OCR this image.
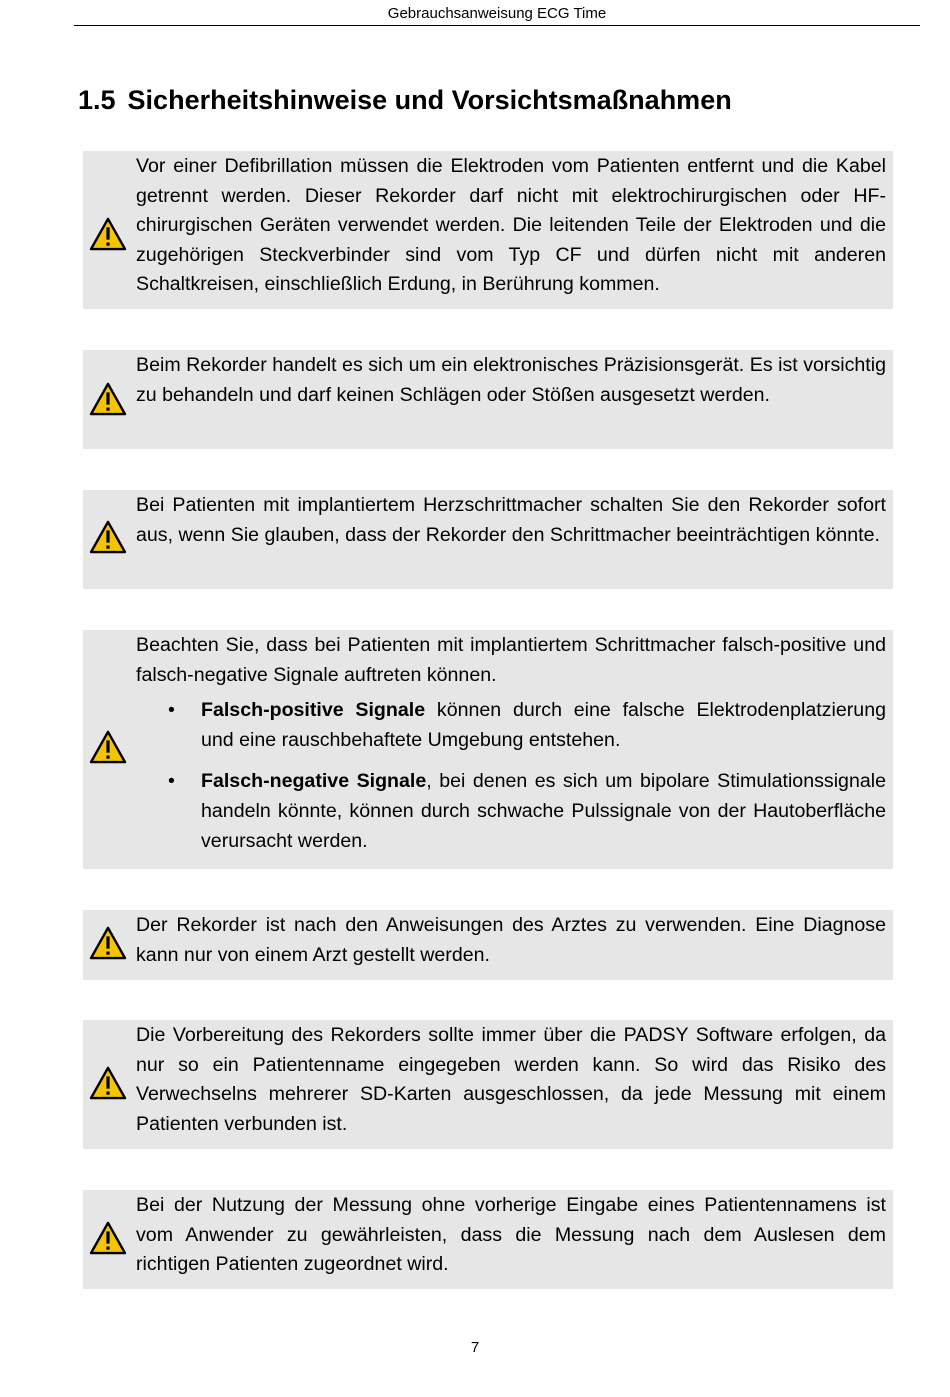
Gebrauchsanweisung ECG Time
1.5 Sicherheitshinweise und Vorsichtsmaßnahmen

Vor einer Defibrillation müssen die Elektroden vom Patienten entfernt und die Kabel getrennt werden. Dieser Rekorder darf nicht mit elektrochirurgischen oder HF-chirurgischen Geräten verwendet werden. Die leitenden Teile der Elektroden und die zugehörigen Steckverbinder sind vom Typ CF und dürfen nicht mit anderen Schaltkreisen, einschließlich Erdung, in Berührung kommen.

Beim Rekorder handelt es sich um ein elektronisches Präzisionsgerät. Es ist vorsichtig zu behandeln und darf keinen Schlägen oder Stößen ausgesetzt werden.

Bei Patienten mit implantiertem Herzschrittmacher schalten Sie den Rekorder sofort aus, wenn Sie glauben, dass der Rekorder den Schrittmacher beeinträchtigen könnte.

Beachten Sie, dass bei Patienten mit implantiertem Schrittmacher falsch-positive und falsch-negative Signale auftreten können.

• Falsch-positive Signale können durch eine falsche Elektrodenplatzierung und eine rauschbehaftete Umgebung entstehen.
• Falsch-negative Signale, bei denen es sich um bipolare Stimulationssignale handeln könnte, können durch schwache Pulssignale von der Hautoberfläche verursacht werden.

Der Rekorder ist nach den Anweisungen des Arztes zu verwenden. Eine Diagnose kann nur von einem Arzt gestellt werden.

Die Vorbereitung des Rekorders sollte immer über die PADSY Software erfolgen, da nur so ein Patientenname eingegeben werden kann. So wird das Risiko des Verwechselns mehrerer SD-Karten ausgeschlossen, da jede Messung mit einem Patienten verbunden ist.

Bei der Nutzung der Messung ohne vorherige Eingabe eines Patientennamens ist vom Anwender zu gewährleisten, dass die Messung nach dem Auslesen dem richtigen Patienten zugeordnet wird.

7
